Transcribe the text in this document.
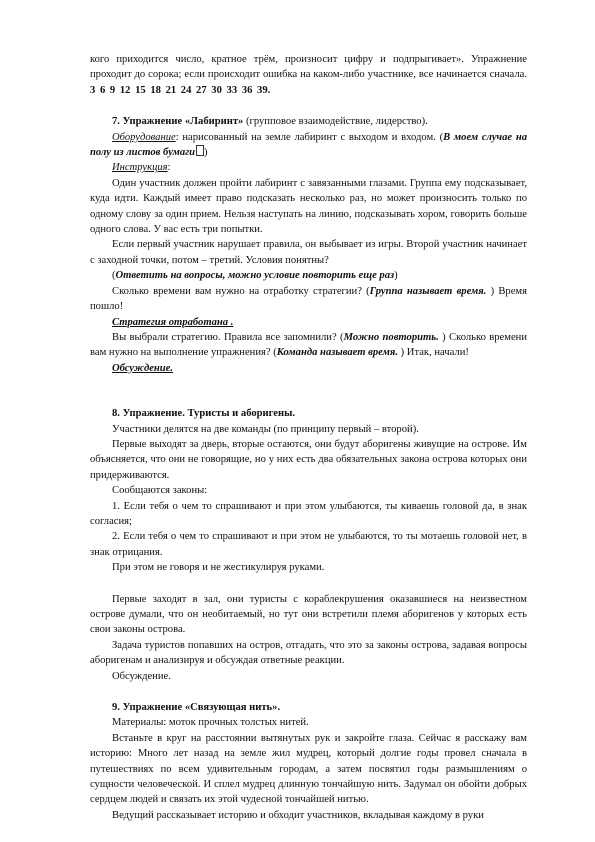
кого приходится число, кратное трём, произносит цифру и подпрыгивает». Упражнение проходит до сорока; если происходит ошибка на каком-либо участнике, все начинается сначала. 3 6 9 12 15 18 21 24 27 30 33 36 39.

7. Упражнение «Лабиринт» (групповое взаимодействие, лидерство).

Оборудование: нарисованный на земле лабиринт с выходом и входом. (В моем случае на полу из листов бумаги )

Инструкция:

Один участник должен пройти лабиринт с завязанными глазами. Группа ему подсказывает, куда идти. Каждый имеет право подсказать несколько раз, но может произносить только по одному слову за один прием. Нельзя наступать на линию, подсказывать хором, говорить больше одного слова. У вас есть три попытки.

Если первый участник нарушает правила, он выбывает из игры. Второй участник начинает с заходной точки, потом – третий. Условия понятны?

(Ответить на вопросы, можно условие повторить еще раз)

Сколько времени вам нужно на отработку стратегии? (Группа называет время. ) Время пошло!

Стратегия отработана .

Вы выбрали стратегию. Правила все запомнили? (Можно повторить. ) Сколько времени вам нужно на выполнение упражнения? (Команда называет время. ) Итак, начали!

Обсуждение.

8. Упражнение. Туристы и аборигены.

Участники делятся на две команды (по принципу первый – второй).

Первые выходят за дверь, вторые остаются, они будут аборигены живущие на острове. Им объясняется, что они не говорящие, но у них есть два обязательных закона острова которых они придерживаются.

Сообщаются законы:

1. Если тебя о чем то спрашивают и при этом улыбаются, ты киваешь головой да, в знак согласия;

2. Если тебя о чем то спрашивают и при этом не улыбаются, то ты мотаешь головой нет, в знак отрицания.

При этом не говоря и не жестикулируя руками.

Первые заходят в зал, они туристы с кораблекрушения оказавшиеся на неизвестном острове думали, что он необитаемый, но тут они встретили племя аборигенов у которых есть свои законы острова.

Задача туристов попавших на остров, отгадать, что это за законы острова, задавая вопросы аборигенам и анализируя и обсуждая ответные реакции.

Обсуждение.

9. Упражнение «Связующая нить».

Материалы: моток прочных толстых нитей.

Встаньте в круг на расстоянии вытянутых рук и закройте глаза. Сейчас я расскажу вам историю: Много лет назад на земле жил мудрец, который долгие годы провел сначала в путешествиях по всем удивительным городам, а затем посвятил годы размышлениям о сущности человеческой. И сплел мудрец длинную тончайшую нить. Задумал он обойти добрых сердцем людей и связать их этой чудесной тончайшей нитью.

Ведущий рассказывает историю и обходит участников, вкладывая каждому в руки
